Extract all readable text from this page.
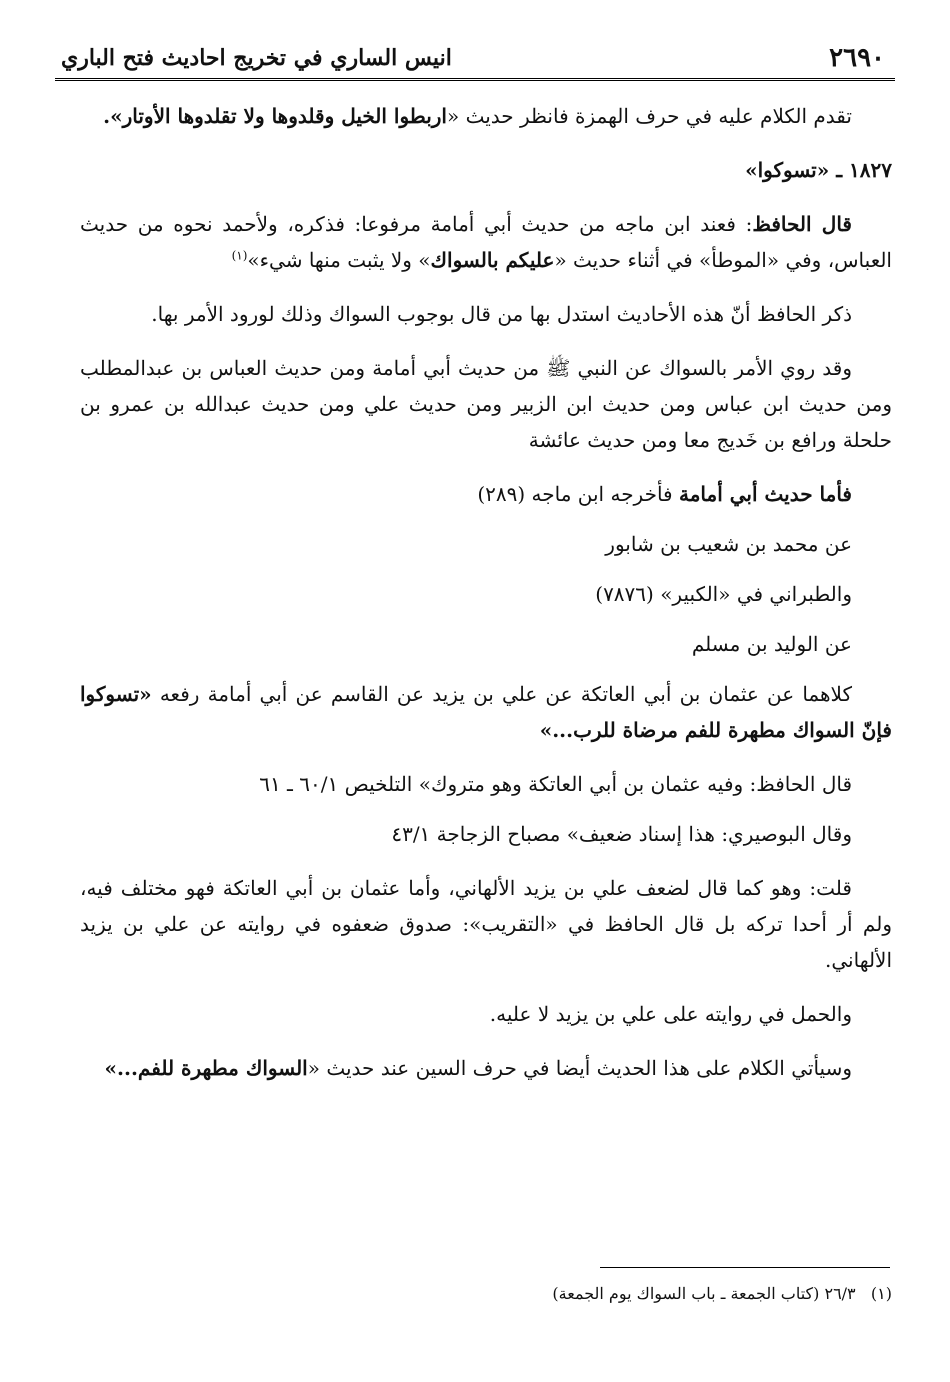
انيس الساري في تخريج احاديث فتح الباري	٢٦٩٠

تقدم الكلام عليه في حرف الهمزة فانظر حديث «اربطوا الخيل وقلدوها ولا تقلدوها الأوتار».

١٨٢٧ ـ «تسوكوا»

قال الحافظ: فعند ابن ماجه من حديث أبي أمامة مرفوعا: فذكره، ولأحمد نحوه من حديث العباس، وفي «الموطأ» في أثناء حديث «عليكم بالسواك» ولا يثبت منها شيء»$^{(١)}$

ذكر الحافظ أنّ هذه الأحاديث استدل بها من قال بوجوب السواك وذلك لورود الأمر بها.

وقد روي الأمر بالسواك عن النبي ﷺ من حديث أبي أمامة ومن حديث العباس بن عبدالمطلب ومن حديث ابن عباس ومن حديث ابن الزبير ومن حديث علي ومن حديث عبدالله بن عمرو بن حلحلة ورافع بن خَديج معا ومن حديث عائشة

فأما حديث أبي أمامة فأخرجه ابن ماجه (٢٨٩)

عن محمد بن شعيب بن شابور

والطبراني في «الكبير» (٧٨٧٦)

عن الوليد بن مسلم

كلاهما عن عثمان بن أبي العاتكة عن علي بن يزيد عن القاسم عن أبي أمامة رفعه «تسوكوا فإنّ السواك مطهرة للفم مرضاة للرب...»

قال الحافظ: وفيه عثمان بن أبي العاتكة وهو متروك» التلخيص ٦٠/١ ـ ٦١

وقال البوصيري: هذا إسناد ضعيف» مصباح الزجاجة ٤٣/١

قلت: وهو كما قال لضعف علي بن يزيد الألهاني، وأما عثمان بن أبي العاتكة فهو مختلف فيه، ولم أر أحدا تركه بل قال الحافظ في «التقريب»: صدوق ضعفوه في روايته عن علي بن يزيد الألهاني.

والحمل في روايته على علي بن يزيد لا عليه.

وسيأتي الكلام على هذا الحديث أيضا في حرف السين عند حديث «السواك مطهرة للفم...»

(١)   ٢٦/٣ (كتاب الجمعة ـ باب السواك يوم الجمعة)
